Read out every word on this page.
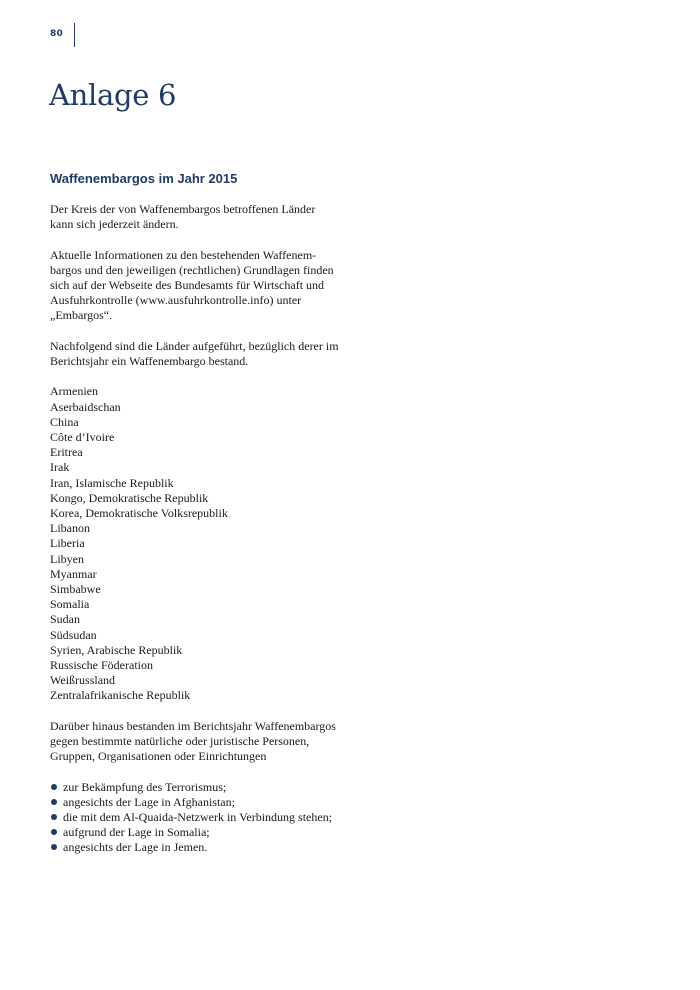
80
Anlage 6
Waffenembargos im Jahr 2015

Der Kreis der von Waffenembargos betroffenen Länder
kann sich jederzeit ändern.

Aktuelle Informationen zu den bestehenden Waffenem-
bargos und den jeweiligen (rechtlichen) Grundlagen finden
sich auf der Webseite des Bundesamts für Wirtschaft und
Ausfuhrkontrolle (www.ausfuhrkontrolle.info) unter
„Embargos“.

Nachfolgend sind die Länder aufgeführt, bezüglich derer im
Berichtsjahr ein Waffenembargo bestand.

Armenien
Aserbaidschan
China
Côte d’Ivoire
Eritrea
Irak
Iran, Islamische Republik
Kongo, Demokratische Republik
Korea, Demokratische Volksrepublik
Libanon
Liberia
Libyen
Myanmar
Simbabwe
Somalia
Sudan
Südsudan
Syrien, Arabische Republik
Russische Föderation
Weißrussland
Zentralafrikanische Republik

Darüber hinaus bestanden im Berichtsjahr Waffenembargos
gegen bestimmte natürliche oder juristische Personen,
Gruppen, Organisationen oder Einrichtungen

zur Bekämpfung des Terrorismus;
angesichts der Lage in Afghanistan;
die mit dem Al-Quaida-Netzwerk in Verbindung stehen;
aufgrund der Lage in Somalia;
angesichts der Lage in Jemen.
